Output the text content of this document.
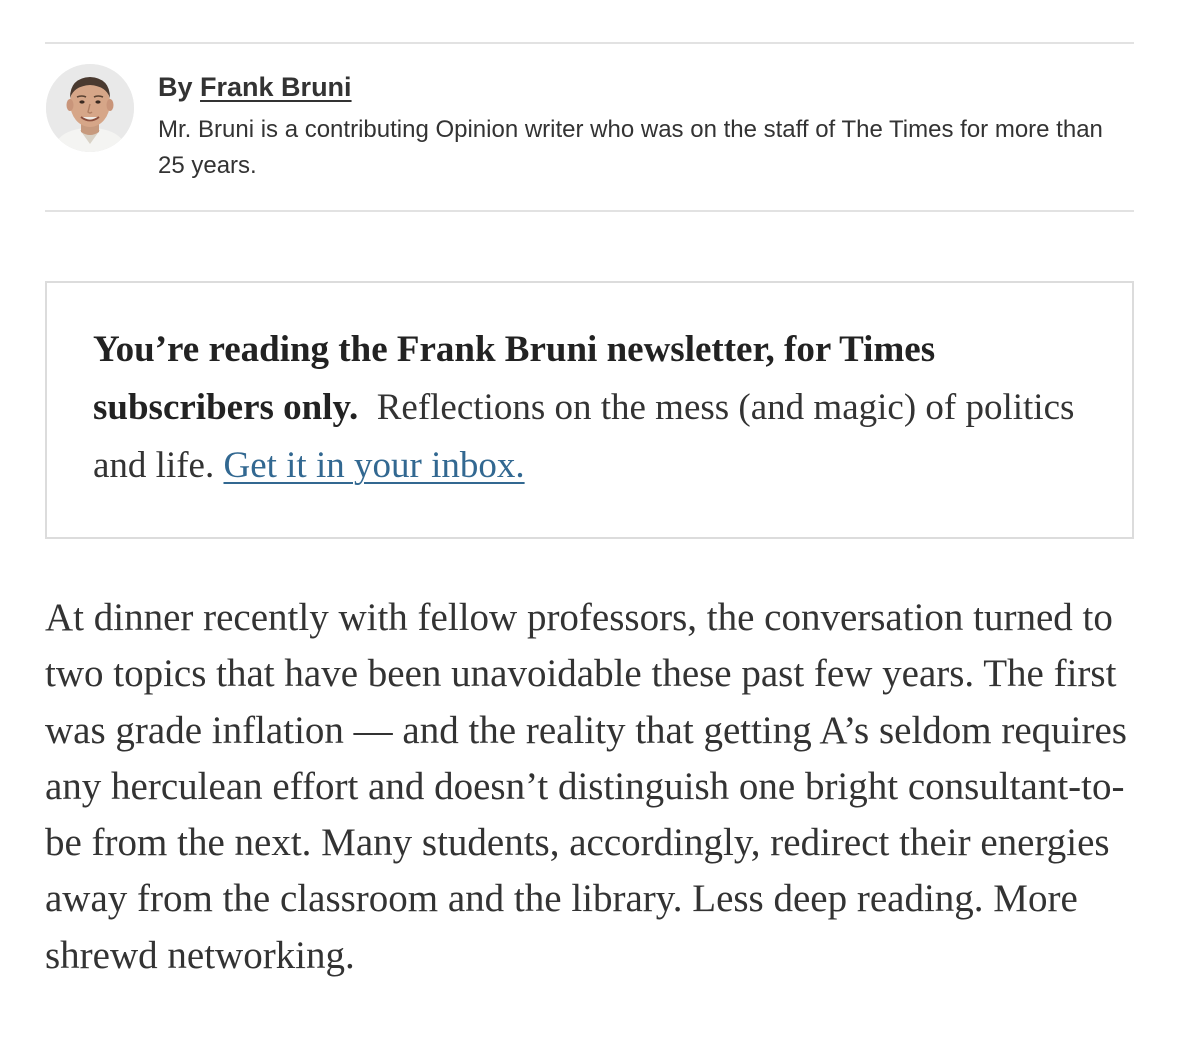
By Frank Bruni
Mr. Bruni is a contributing Opinion writer who was on the staff of The Times for more than 25 years.
You’re reading the Frank Bruni newsletter, for Times subscribers only. Reflections on the mess (and magic) of politics and life. Get it in your inbox.

At dinner recently with fellow professors, the conversation turned to two topics that have been unavoidable these past few years. The first was grade inflation — and the reality that getting A’s seldom requires any herculean effort and doesn’t distinguish one bright consultant-to-be from the next. Many students, accordingly, redirect their energies away from the classroom and the library. Less deep reading. More shrewd networking.
